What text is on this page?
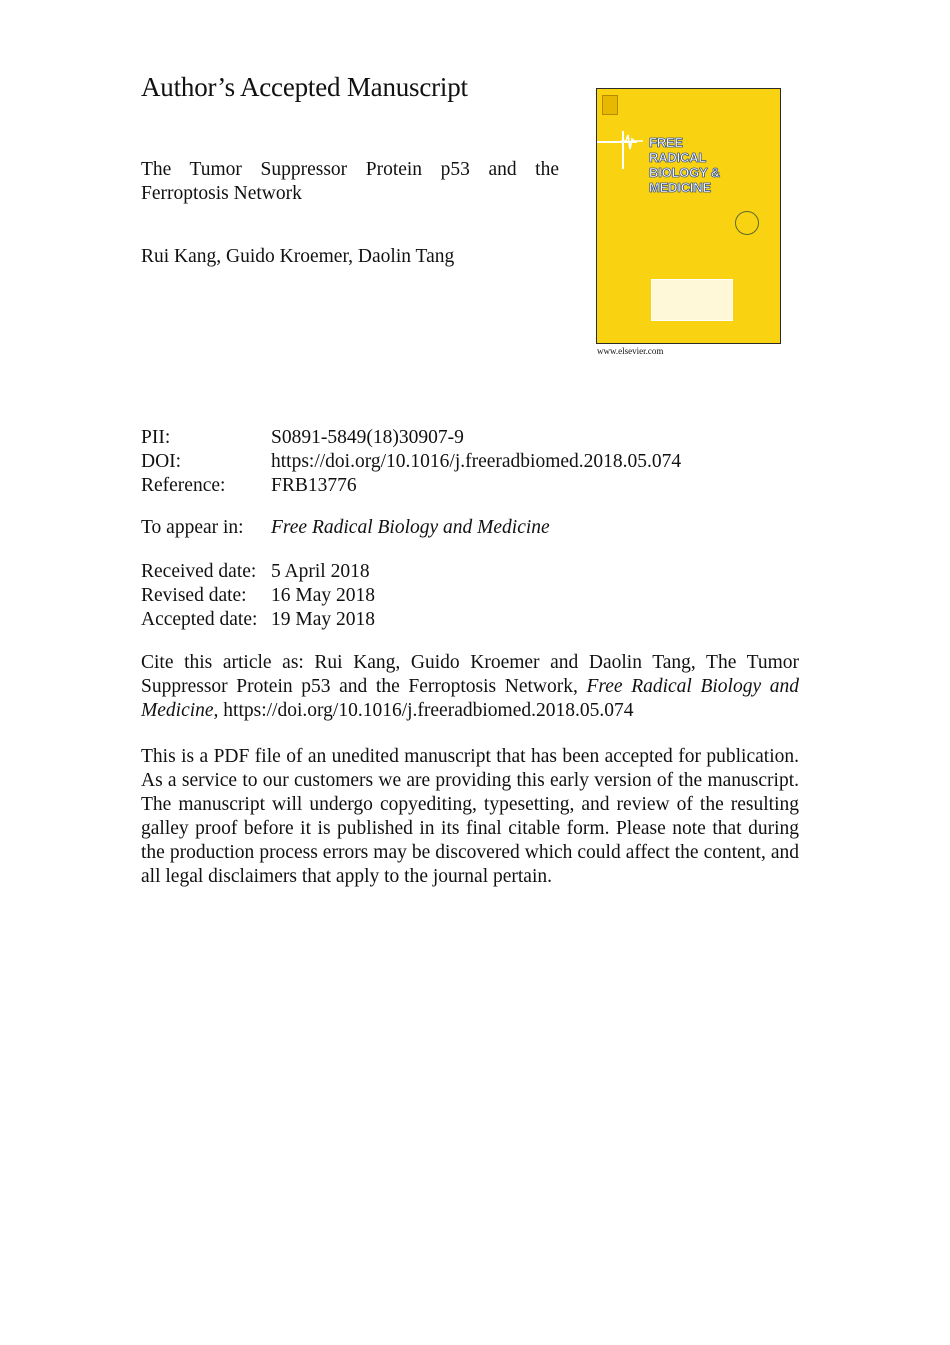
Author’s Accepted Manuscript
The Tumor Suppressor Protein p53 and the Ferroptosis Network
Rui Kang, Guido Kroemer, Daolin Tang
FREE
RADICAL
BIOLOGY &
MEDICINE
www.elsevier.com
PII:	S0891-5849(18)30907-9
DOI:	https://doi.org/10.1016/j.freeradbiomed.2018.05.074
Reference: FRB13776
To appear in: Free Radical Biology and Medicine
Received date: 5 April 2018
Revised date: 16 May 2018
Accepted date: 19 May 2018
Cite this article as: Rui Kang, Guido Kroemer and Daolin Tang, The Tumor Suppressor Protein p53 and the Ferroptosis Network, Free Radical Biology and Medicine, https://doi.org/10.1016/j.freeradbiomed.2018.05.074
This is a PDF file of an unedited manuscript that has been accepted for publication. As a service to our customers we are providing this early version of the manuscript. The manuscript will undergo copyediting, typesetting, and review of the resulting galley proof before it is published in its final citable form. Please note that during the production process errors may be discovered which could affect the content, and all legal disclaimers that apply to the journal pertain.
